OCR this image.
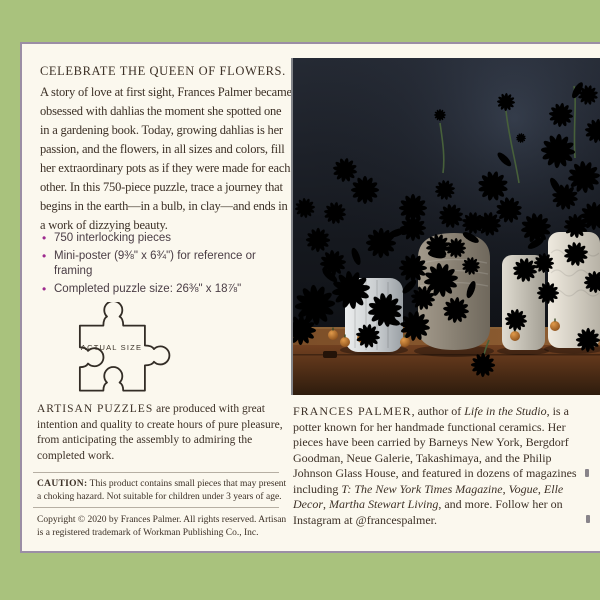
CELEBRATE THE QUEEN OF FLOWERS.

A story of love at first sight, Frances Palmer became obsessed with dahlias the moment she spotted one in a gardening book. Today, growing dahlias is her passion, and the flowers, in all sizes and colors, fill her extraordinary pots as if they were made for each other. In this 750-piece puzzle, trace a journey that begins in the earth—in a bulb, in clay—and ends in a work of dizzying beauty.

• 750 interlocking pieces
• Mini-poster (9⅜" x 6¾") for reference or framing
• Completed puzzle size: 26⅜" x 18⅞"
ACTUAL SIZE

ARTISAN PUZZLES are produced with great intention and quality to create hours of pure pleasure, from anticipating the assembly to admiring the completed work.

CAUTION: This product contains small pieces that may present a choking hazard. Not suitable for children under 3 years of age.

Copyright © 2020 by Frances Palmer. All rights reserved. Artisan is a registered trademark of Workman Publishing Co., Inc.

FRANCES PALMER, author of Life in the Studio, is a potter known for her handmade functional ceramics. Her pieces have been carried by Barneys New York, Bergdorf Goodman, Neue Galerie, Takashimaya, and the Philip Johnson Glass House, and featured in dozens of magazines including T: The New York Times Magazine, Vogue, Elle Decor, Martha Stewart Living, and more. Follow her on Instagram at @francespalmer.
